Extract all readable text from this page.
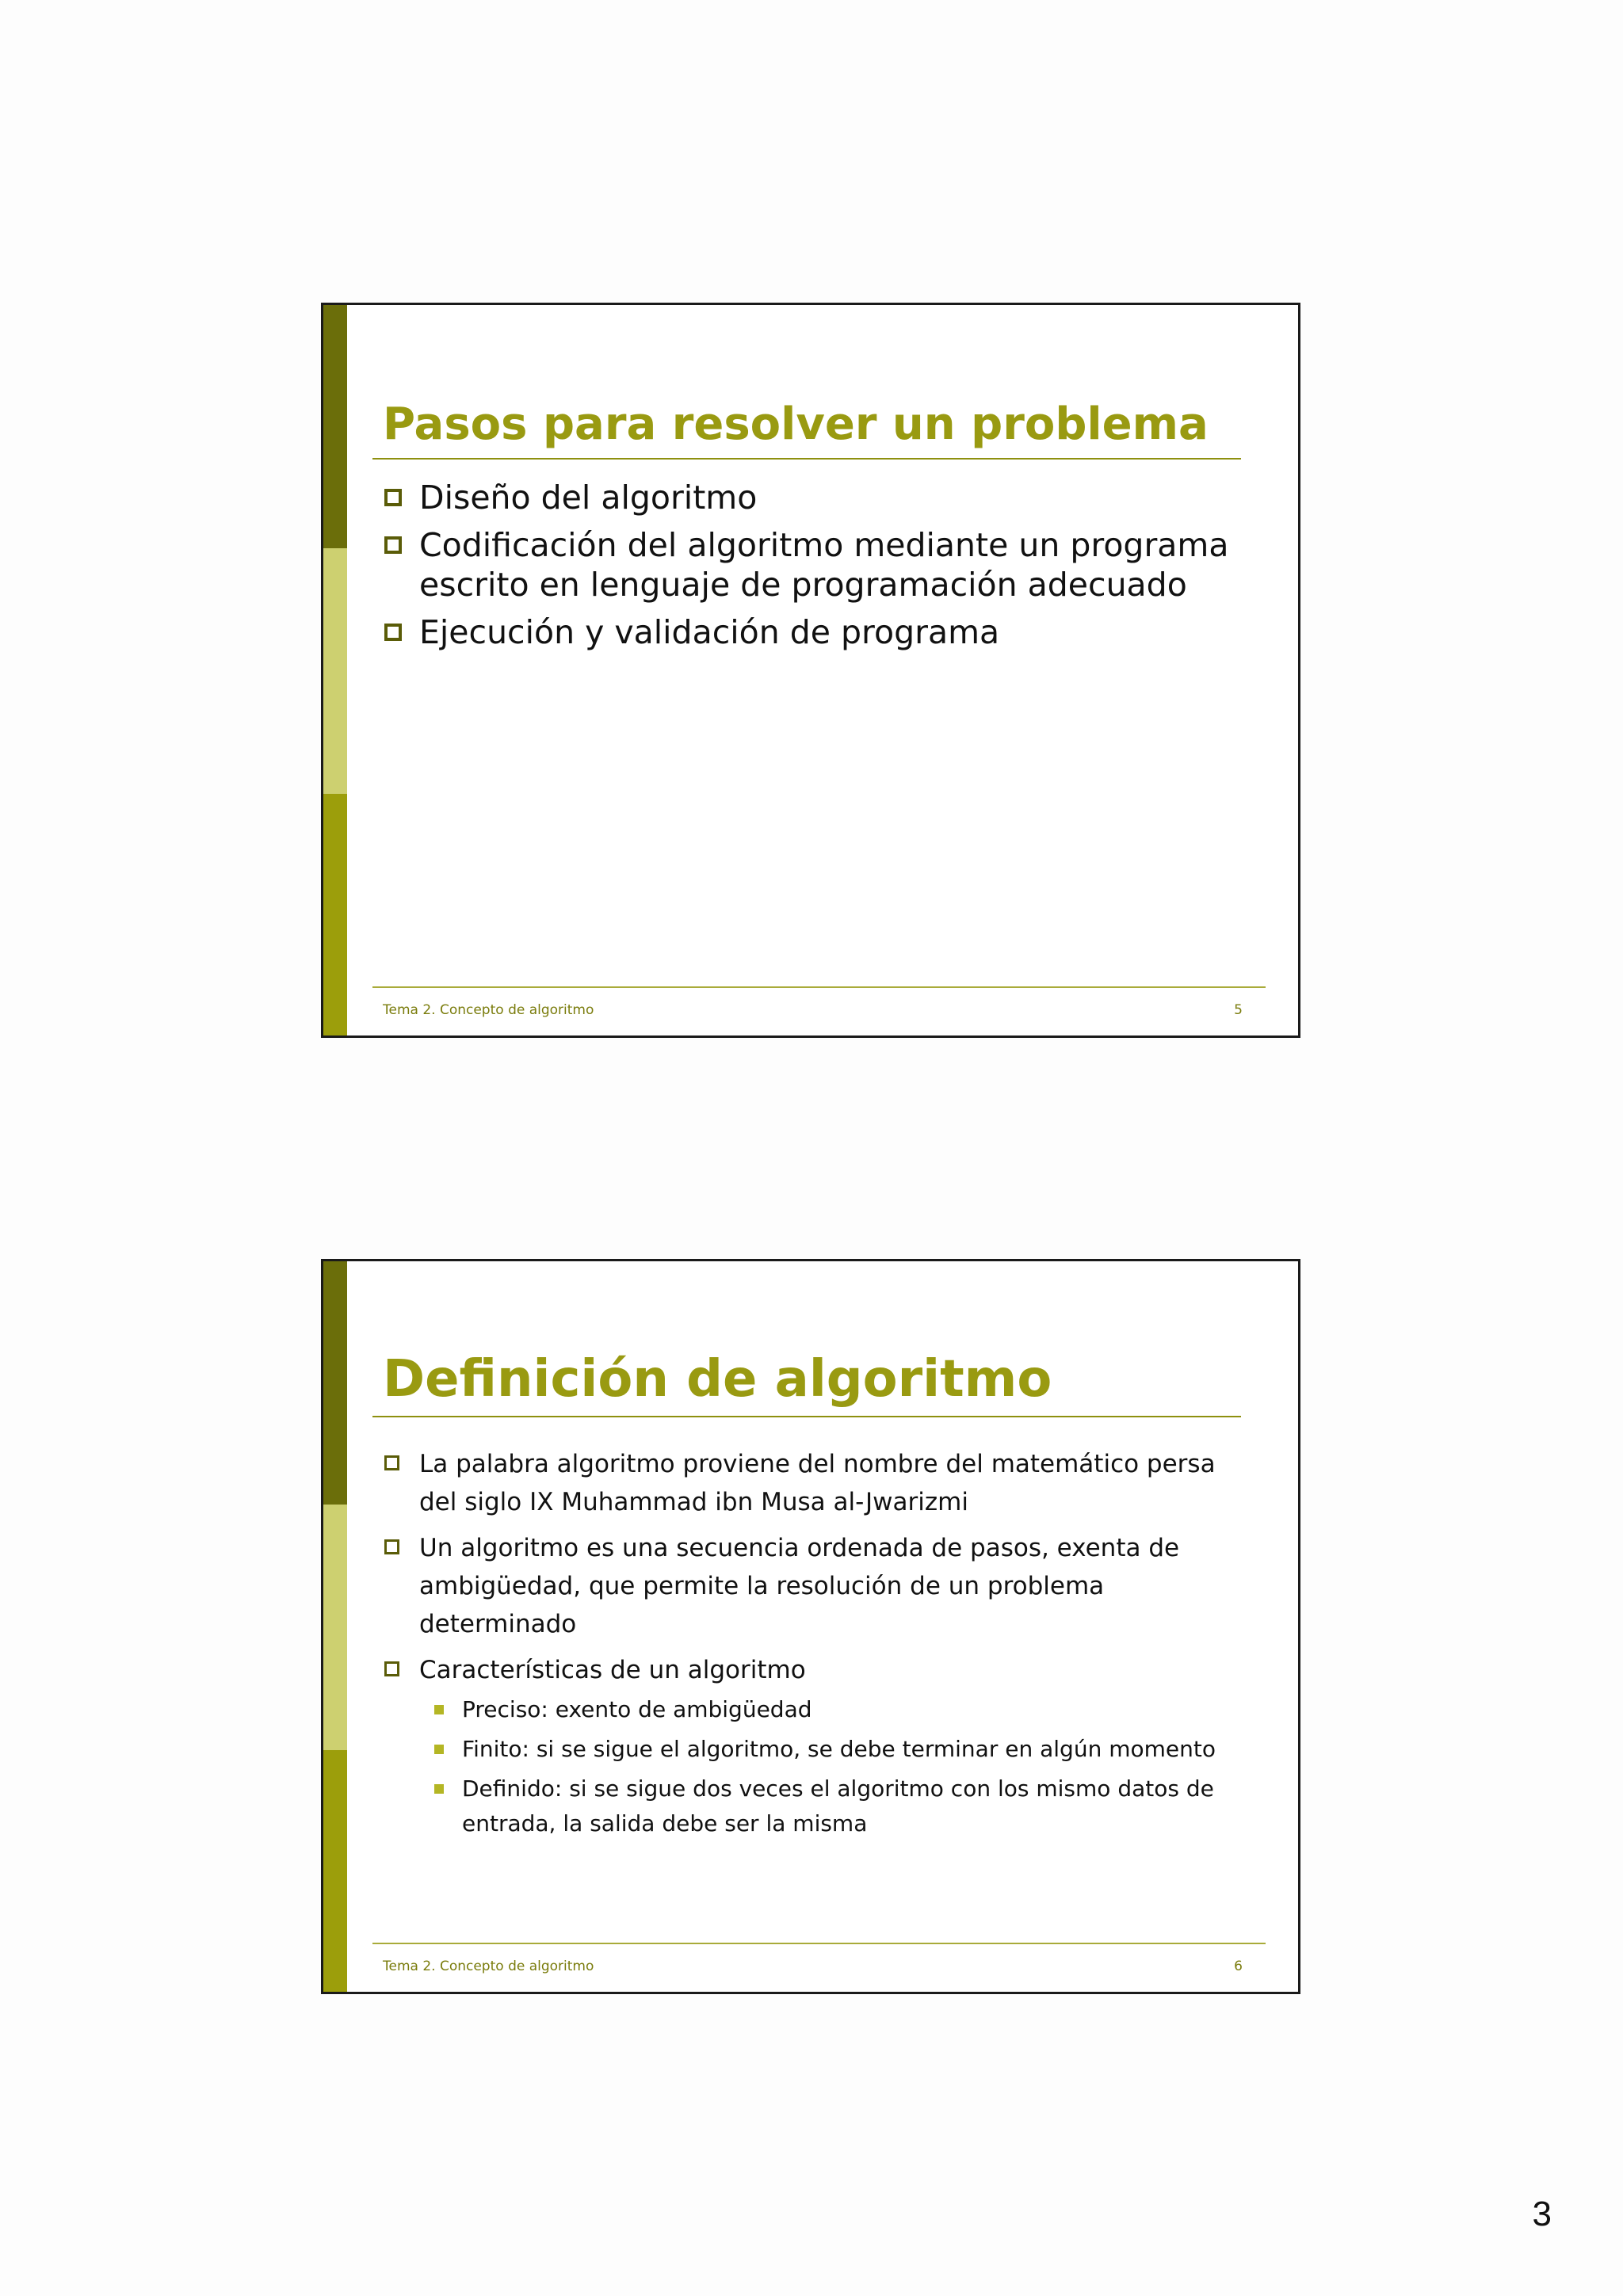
Pasos para resolver un problema
Diseño del algoritmo
Codificación del algoritmo mediante un programa escrito en lenguaje de programación adecuado
Ejecución y validación de programa
Tema 2. Concepto de algoritmo	5
Definición de algoritmo
La palabra algoritmo proviene del nombre del matemático persa del siglo IX Muhammad ibn Musa al-Jwarizmi
Un algoritmo es una secuencia ordenada de pasos, exenta de ambigüedad, que permite la resolución de un problema determinado
Características de un algoritmo
Preciso: exento de ambigüedad
Finito: si se sigue el algoritmo, se debe terminar en algún momento
Definido: si se sigue dos veces el algoritmo con los mismo datos de entrada, la salida debe ser la misma
Tema 2. Concepto de algoritmo	6
3
